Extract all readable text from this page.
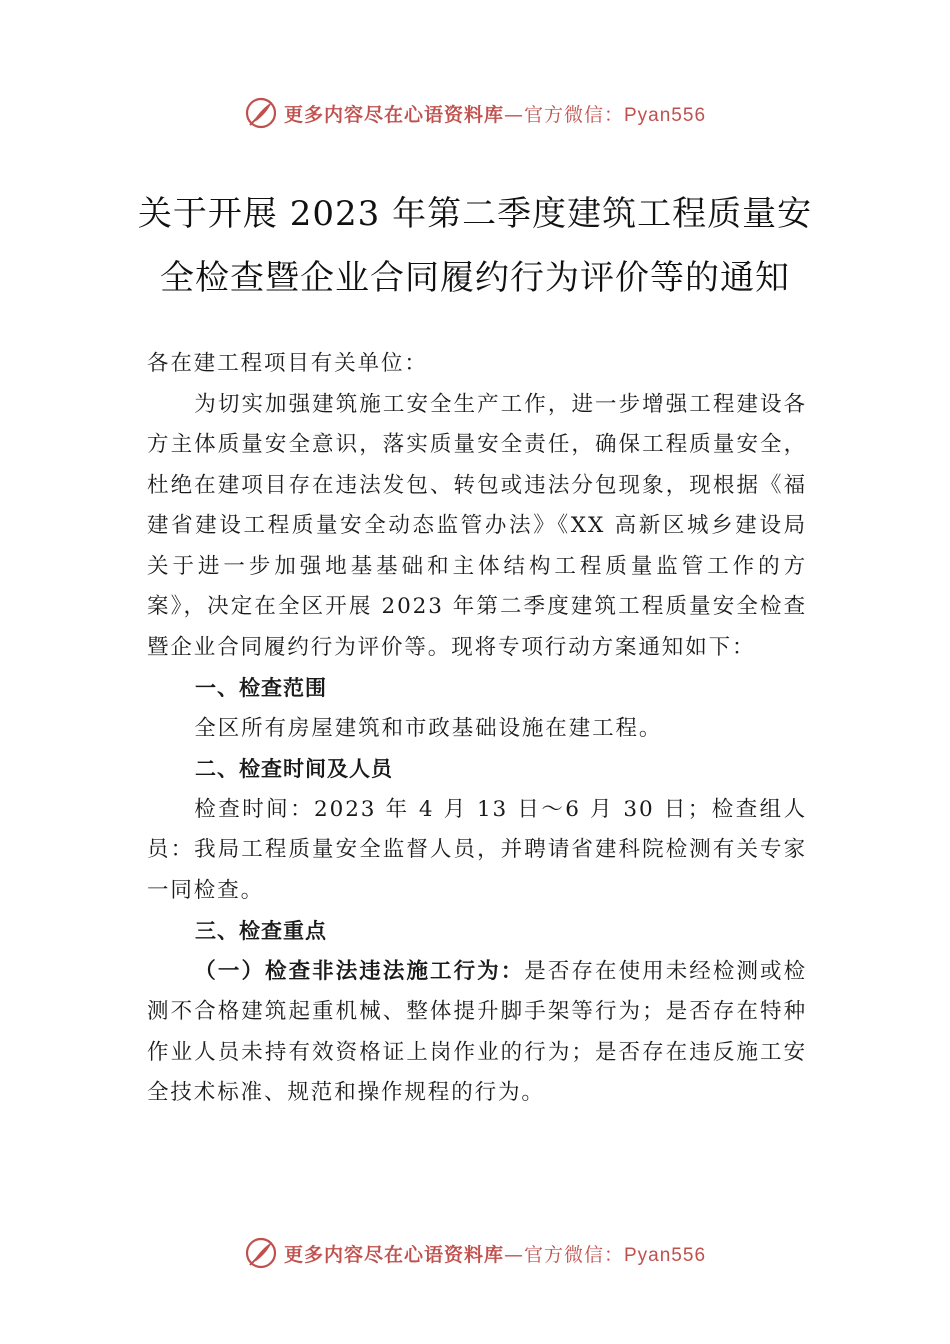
更多内容尽在心语资料库—官方微信：Pyan556
关于开展 2023 年第二季度建筑工程质量安
全检查暨企业合同履约行为评价等的通知

各在建工程项目有关单位：

为切实加强建筑施工安全生产工作，进一步增强工程建设各方主体质量安全意识，落实质量安全责任，确保工程质量安全，杜绝在建项目存在违法发包、转包或违法分包现象，现根据《福建省建设工程质量安全动态监管办法》《XX 高新区城乡建设局关于进一步加强地基基础和主体结构工程质量监管工作的方案》，决定在全区开展 2023 年第二季度建筑工程质量安全检查暨企业合同履约行为评价等。现将专项行动方案通知如下：

一、检查范围

全区所有房屋建筑和市政基础设施在建工程。

二、检查时间及人员

检查时间：2023 年 4 月 13 日～6 月 30 日；检查组人员：我局工程质量安全监督人员，并聘请省建科院检测有关专家一同检查。

三、检查重点

（一）检查非法违法施工行为：是否存在使用未经检测或检测不合格建筑起重机械、整体提升脚手架等行为；是否存在特种作业人员未持有效资格证上岗作业的行为；是否存在违反施工安全技术标准、规范和操作规程的行为。

更多内容尽在心语资料库—官方微信：Pyan556
